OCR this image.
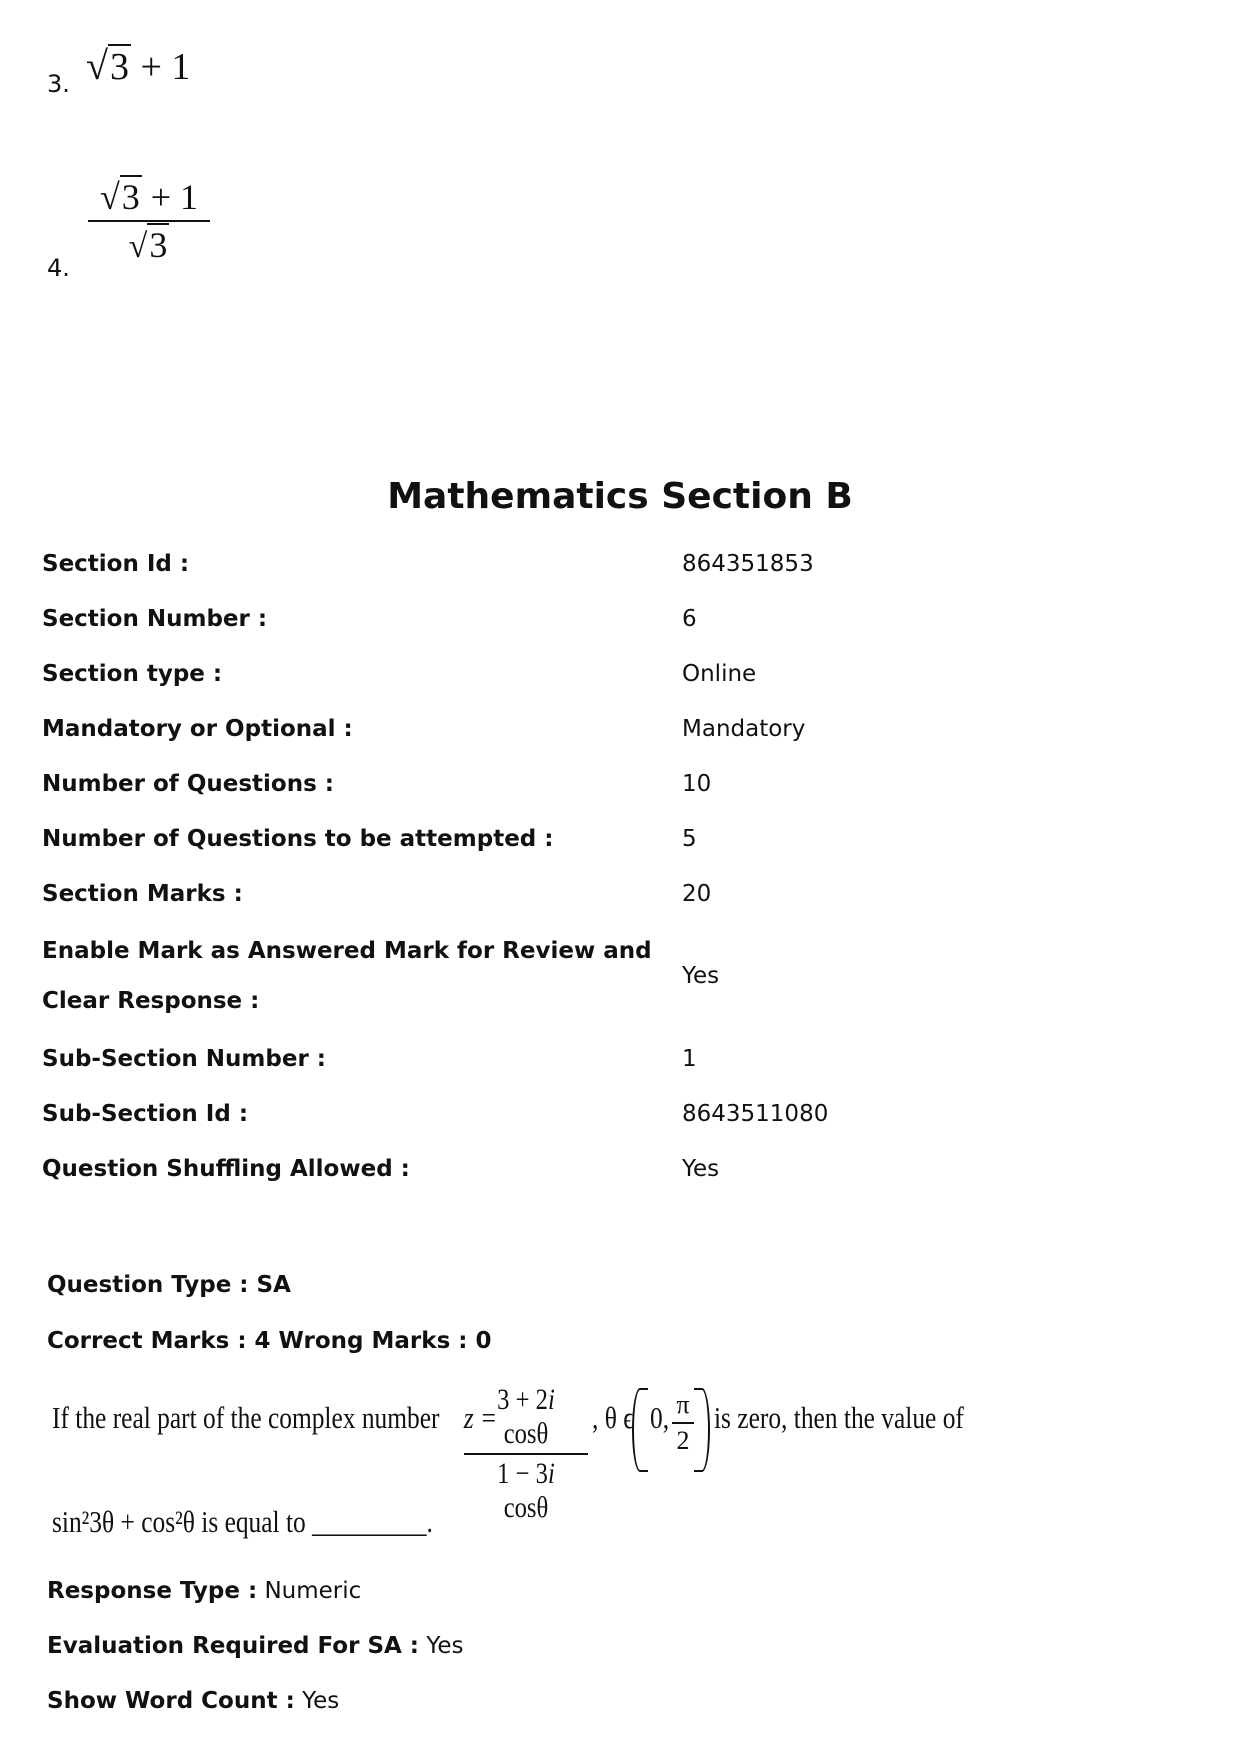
3. √3 + 1
4.
√3 + 1
√3
Mathematics Section B
Section Id :	864351853
Section Number :	6
Section type :	Online
Mandatory or Optional :	Mandatory
Number of Questions :	10
Number of Questions to be attempted :	5
Section Marks :	20
Enable Mark as Answered Mark for Review and
Clear Response :	Yes
Sub-Section Number :	1
Sub-Section Id :	8643511080
Question Shuffling Allowed :	Yes
Question Type : SA
Correct Marks : 4 Wrong Marks : 0
If the real part of the complex number z =
3 + 2i cosθ
1 − 3i cosθ
, θ ϵ 0, π
2
is zero, then the value of
sin²3θ + cos²θ is equal to _________.
Response Type : Numeric
Evaluation Required For SA : Yes
Show Word Count : Yes
